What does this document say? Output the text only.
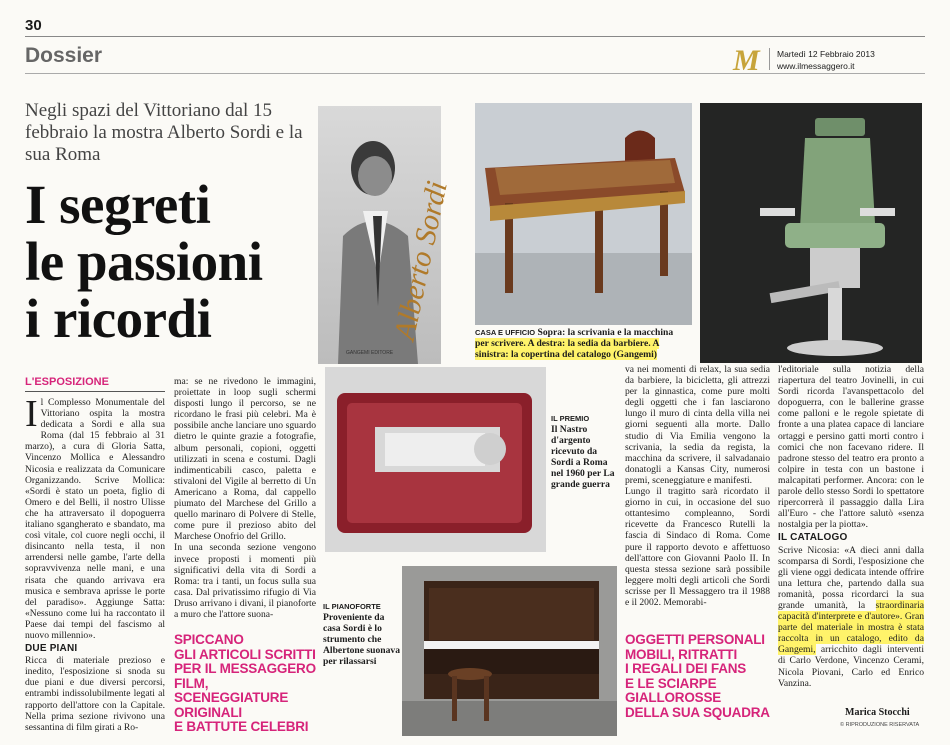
30
Dossier	M Martedì 12 Febbraio 2013
www.ilmessaggero.it
Negli spazi del Vittoriano dal 15 febbraio la mostra Alberto Sordi e la sua Roma
I segreti
le passioni
i ricordi	Alberto Sordi
GANGEMI EDITORE
CASA E UFFICIO Sopra: la scrivania e la macchina
per scrivere. A destra: la sedia da barbiere. A
sinistra: la copertina del catalogo (Gangemi)
L'ESPOSIZIONE

Il Complesso Monumentale del Vittoriano ospita la mostra dedicata a Sordi e alla sua Roma (dal 15 febbraio al 31 marzo), a cura di Gloria Satta, Vincenzo Mollica e Alessandro Nicosia e realizzata da Comunicare Organizzando. Scrive Mollica: «Sordi è stato un poeta, figlio di Omero e del Belli, il nostro Ulisse che ha attraversato il dopoguerra italiano sgangherato e sbandato, ma così vitale, col cuore negli occhi, il disincanto nella testa, il non arrendersi nelle gambe, l'arte della sopravvivenza nelle mani, e una risata che quando arrivava era musica e sembrava aprisse le porte del paradiso». Aggiunge Satta: «Nessuno come lui ha raccontato il Paese dai tempi del fascismo al nuovo millennio».

DUE PIANI

Ricca di materiale prezioso e inedito, l'esposizione si snoda su due piani e due diversi percorsi, entrambi indissolubilmente legati al rapporto dell'attore con la Capitale. Nella prima sezione rivivono una sessantina di film girati a Ro-

ma: se ne rivedono le immagini, proiettate in loop sugli schermi disposti lungo il percorso, se ne ricordano le frasi più celebri. Ma è possibile anche lanciare uno sguardo dietro le quinte grazie a fotografie, album personali, copioni, oggetti utilizzati in scena e costumi. Dagli indimenticabili casco, paletta e stivaloni del Vigile al berretto di Un Americano a Roma, dal cappello piumato del Marchese del Grillo a quello marinaro di Polvere di Stelle, come pure il prezioso abito del Marchese Onofrio del Grillo.

In una seconda sezione vengono invece proposti i momenti più significativi della vita di Sordi a Roma: tra i tanti, un focus sulla sua casa. Dal privatissimo rifugio di Via Druso arrivano i divani, il pianoforte a muro che l'attore suona-

IL PREMIO
Il Nastro d'argento ricevuto da Sordi a Roma nel 1960 per La grande guerra
SPICCANO
GLI ARTICOLI SCRITTI
PER IL MESSAGGERO
FILM, SCENEGGIATURE
ORIGINALI
E BATTUTE CELEBRI
IL PIANOFORTE
Proveniente da casa Sordi è lo strumento che Albertone suonava per rilassarsi

va nei momenti di relax, la sua sedia da barbiere, la bicicletta, gli attrezzi per la ginnastica, come pure molti degli oggetti che i fan lasciarono lungo il muro di cinta della villa nei giorni seguenti alla morte. Dallo studio di Via Emilia vengono la scrivania, la sedia da regista, la macchina da scrivere, il salvadanaio donatogli a Kansas City, numerosi premi, sceneggiature e manifesti.

Lungo il tragitto sarà ricordato il giorno in cui, in occasione del suo ottantesimo compleanno, Sordi ricevette da Francesco Rutelli la fascia di Sindaco di Roma. Come pure il rapporto devoto e affettuoso dell'attore con Giovanni Paolo II. In questa stessa sezione sarà possibile leggere molti degli articoli che Sordi scrisse per Il Messaggero tra il 1988 e il 2002. Memorabi-

OGGETTI PERSONALI
MOBILI, RITRATTI
I REGALI DEI FANS
E LE SCIARPE
GIALLOROSSE
DELLA SUA SQUADRA

l'editoriale sulla notizia della riapertura del teatro Jovinelli, in cui Sordi ricorda l'avanspettacolo del dopoguerra, con le ballerine grasse come palloni e le regole spietate di fronte a una platea capace di lanciare ortaggi e persino gatti morti contro i comici che non facevano ridere. Il padrone stesso del teatro era pronto a colpire in testa con un bastone i malcapitati performer. Ancora: con le parole dello stesso Sordi lo spettatore ripercorrerà il passaggio dalla Lira all'Euro - che l'attore salutò «senza nostalgia per la piotta».

IL CATALOGO

Scrive Nicosia: «A dieci anni dalla scomparsa di Sordi, l'esposizione che gli viene oggi dedicata intende offrire una lettura che, partendo dalla sua romanità, possa ricordarci la sua grande umanità, la straordinaria capacità d'interprete e d'autore». Gran parte del materiale in mostra è stata raccolta in un catalogo, edito da Gangemi, arricchito dagli interventi di Carlo Verdone, Vincenzo Cerami, Nicola Piovani, Carlo ed Enrico Vanzina.

Marica Stocchi
© RIPRODUZIONE RISERVATA
